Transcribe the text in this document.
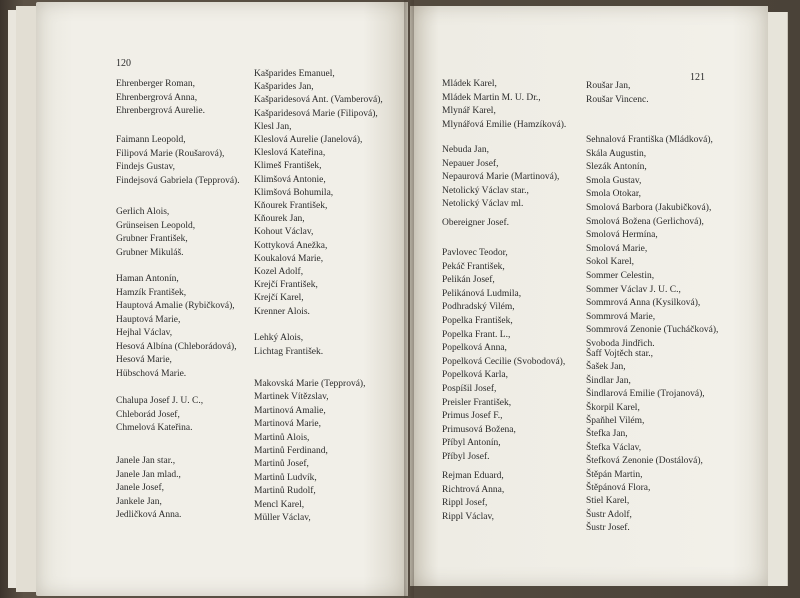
120
Ehrenberger Roman,
Ehrenbergrová Anna,
Ehrenbergrová Aurelie.
Faimann Leopold,
Filipová Marie (Roušarová),
Findejs Gustav,
Findejsová Gabriela (Tepprová).
Gerlich Alois,
Grünseisen Leopold,
Grubner František,
Grubner Mikuláš.
Haman Antonín,
Hamzík František,
Hauptová Amalie (Rybičková),
Hauptová Marie,
Hejhal Václav,
Hesová Albína (Chleborádová),
Hesová Marie,
Hübschová Marie.
Chalupa Josef J. U. C.,
Chleborád Josef,
Chmelová Kateřina.
Janele Jan star.,
Janele Jan mlad.,
Janele Josef,
Jankele Jan,
Jedličková Anna.
Kašparides Emanuel,
Kašparides Jan,
Kašparidesová Ant. (Vamberová),
Kašparidesová Marie (Filipová),
Klesl Jan,
Kleslová Aurelie (Janelová),
Kleslová Kateřina,
Klimeš František,
Klimšová Antonie,
Klimšová Bohumila,
Kňourek František,
Kňourek Jan,
Kohout Václav,
Kottyková Anežka,
Koukalová Marie,
Kozel Adolf,
Krejčí František,
Krejčí Karel,
Krenner Alois.
Lehký Alois,
Lichtag František.
Makovská Marie (Tepprová),
Martinek Vítězslav,
Martinová Amalie,
Martinová Marie,
Martinů Alois,
Martinů Ferdinand,
Martinů Josef,
Martinů Ludvík,
Martinů Rudolf,
Mencl Karel,
Müller Václav,
121
Mládek Karel,
Mládek Martin M. U. Dr.,
Mlynář Karel,
Mlynářová Emilie (Hamzíková).
Nebuda Jan,
Nepauer Josef,
Nepaurová Marie (Martinová),
Netolický Václav star.,
Netolický Václav ml.
Obereigner Josef.
Pavlovec Teodor,
Pekáč František,
Pelikán Josef,
Pelikánová Ludmila,
Podhradský Vilém,
Popelka František,
Popelka Frant. L.,
Popelková Anna,
Popelková Cecilie (Svobodová),
Popelková Karla,
Pospíšil Josef,
Preisler František,
Primus Josef F.,
Primusová Božena,
Příbyl Antonín,
Příbyl Josef.
Rejman Eduard,
Richtrová Anna,
Rippl Josef,
Rippl Václav,
Roušar Jan,
Roušar Vincenc.
Sehnalová Františka (Mládková),
Skála Augustin,
Slezák Antonín,
Smola Gustav,
Smola Otokar,
Smolová Barbora (Jakubičková),
Smolová Božena (Gerlichová),
Smolová Hermína,
Smolová Marie,
Sokol Karel,
Sommer Celestin,
Sommer Václav J. U. C.,
Sommrová Anna (Kysilková),
Sommrová Marie,
Sommrová Zenonie (Tucháčková),
Svoboda Jindřich.
Šaff Vojtěch star.,
Šašek Jan,
Šindlar Jan,
Šindlarová Emilie (Trojanová),
Škorpil Karel,
Špaňhel Vilém,
Štefka Jan,
Štefka Václav,
Štefková Zenonie (Dostálová),
Štěpán Martin,
Štěpánová Flora,
Stiel Karel,
Šustr Adolf,
Šustr Josef.
